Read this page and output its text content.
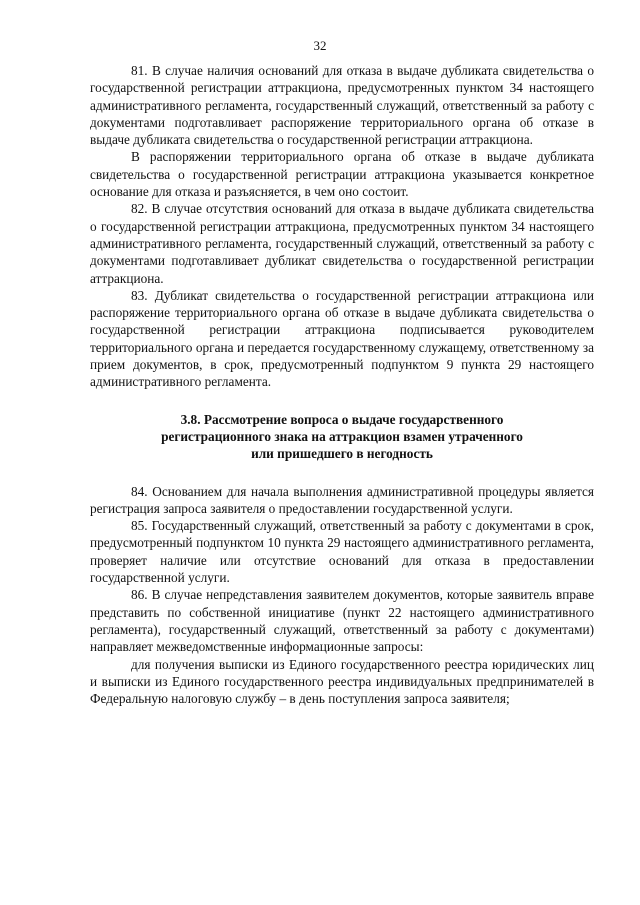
32

81. В случае наличия оснований для отказа в выдаче дубликата свидетельства о государственной регистрации аттракциона, предусмотренных пунктом 34 настоящего административного регламента, государственный служащий, ответственный за работу с документами подготавливает распоряжение территориального органа об отказе в выдаче дубликата свидетельства о государственной регистрации аттракциона.

В распоряжении территориального органа об отказе в выдаче дубликата свидетельства о государственной регистрации аттракциона указывается конкретное основание для отказа и разъясняется, в чем оно состоит.

82. В случае отсутствия оснований для отказа в выдаче дубликата свидетельства о государственной регистрации аттракциона, предусмотренных пунктом 34 настоящего административного регламента, государственный служащий, ответственный за работу с документами подготавливает дубликат свидетельства о государственной регистрации аттракциона.

83. Дубликат свидетельства о государственной регистрации аттракциона или распоряжение территориального органа об отказе в выдаче дубликата свидетельства о государственной регистрации аттракциона подписывается руководителем территориального органа и передается государственному служащему, ответственному за прием документов, в срок, предусмотренный подпунктом 9 пункта 29 настоящего административного регламента.

3.8. Рассмотрение вопроса о выдаче государственного
регистрационного знака на аттракцион взамен утраченного
или пришедшего в негодность

84. Основанием для начала выполнения административной процедуры является регистрация запроса заявителя о предоставлении государственной услуги.

85. Государственный служащий, ответственный за работу с документами в срок, предусмотренный подпунктом 10 пункта 29 настоящего административного регламента, проверяет наличие или отсутствие оснований для отказа в предоставлении государственной услуги.

86. В случае непредставления заявителем документов, которые заявитель вправе представить по собственной инициативе (пункт 22 настоящего административного регламента), государственный служащий, ответственный за работу с документами) направляет межведомственные информационные запросы:

для получения выписки из Единого государственного реестра юридических лиц и выписки из Единого государственного реестра индивидуальных предпринимателей в Федеральную налоговую службу – в день поступления запроса заявителя;
